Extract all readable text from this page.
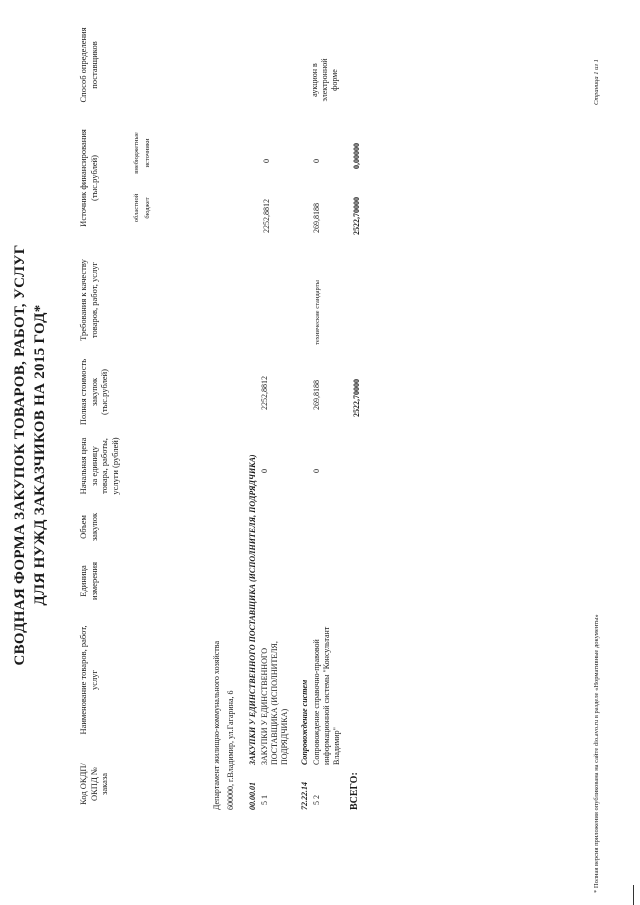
СВОДНАЯ ФОРМА ЗАКУПОК ТОВАРОВ, РАБОТ, УСЛУГ ДЛЯ НУЖД ЗАКАЗЧИКОВ НА 2015 ГОД*
Код ОКДП/ ОКПД № заказа
Наименование товаров, работ, услуг
Единица измерения
Объем закупок
Начальная цена за единицу товара, работы, услуги (рублей)
Полная стоимость закупок (тыс.рублей)
Требования к качеству товаров, работ, услуг
Источник финансирования (тыс.рублей)
областной бюджет
внебюджетные источники
Способ определения поставщиков
Департамент жилищно-коммунального хозяйства 600000, г.Владимир, ул.Гагарина, 6 00.00.01
ЗАКУПКИ У ЕДИНСТВЕННОГО ПОСТАВЩИКА (ИСПОЛНИТЕЛЯ, ПОДРЯДЧИКА)
5 1
ЗАКУПКИ У ЕДИНСТВЕННОГО ПОСТАВЩИКА (ИСПОЛНИТЕЛЯ, ПОДРЯДЧИКА)
0
2252,8812
2252,8812
0
72.22.14
Сопровождение систем
5 2
Сопровождение справочно-правовой информационной системы "Консультант Владимир"
0
269,8188
технические стандарты
269,8188
0
аукцион в электронной форме
ВСЕГО:
2522,70000
2522,70000
0,00000
* Полная версия приложения опубликована на сайте dio.avo.ru в разделе «Нормативные документы»
Страница 1 из 1
